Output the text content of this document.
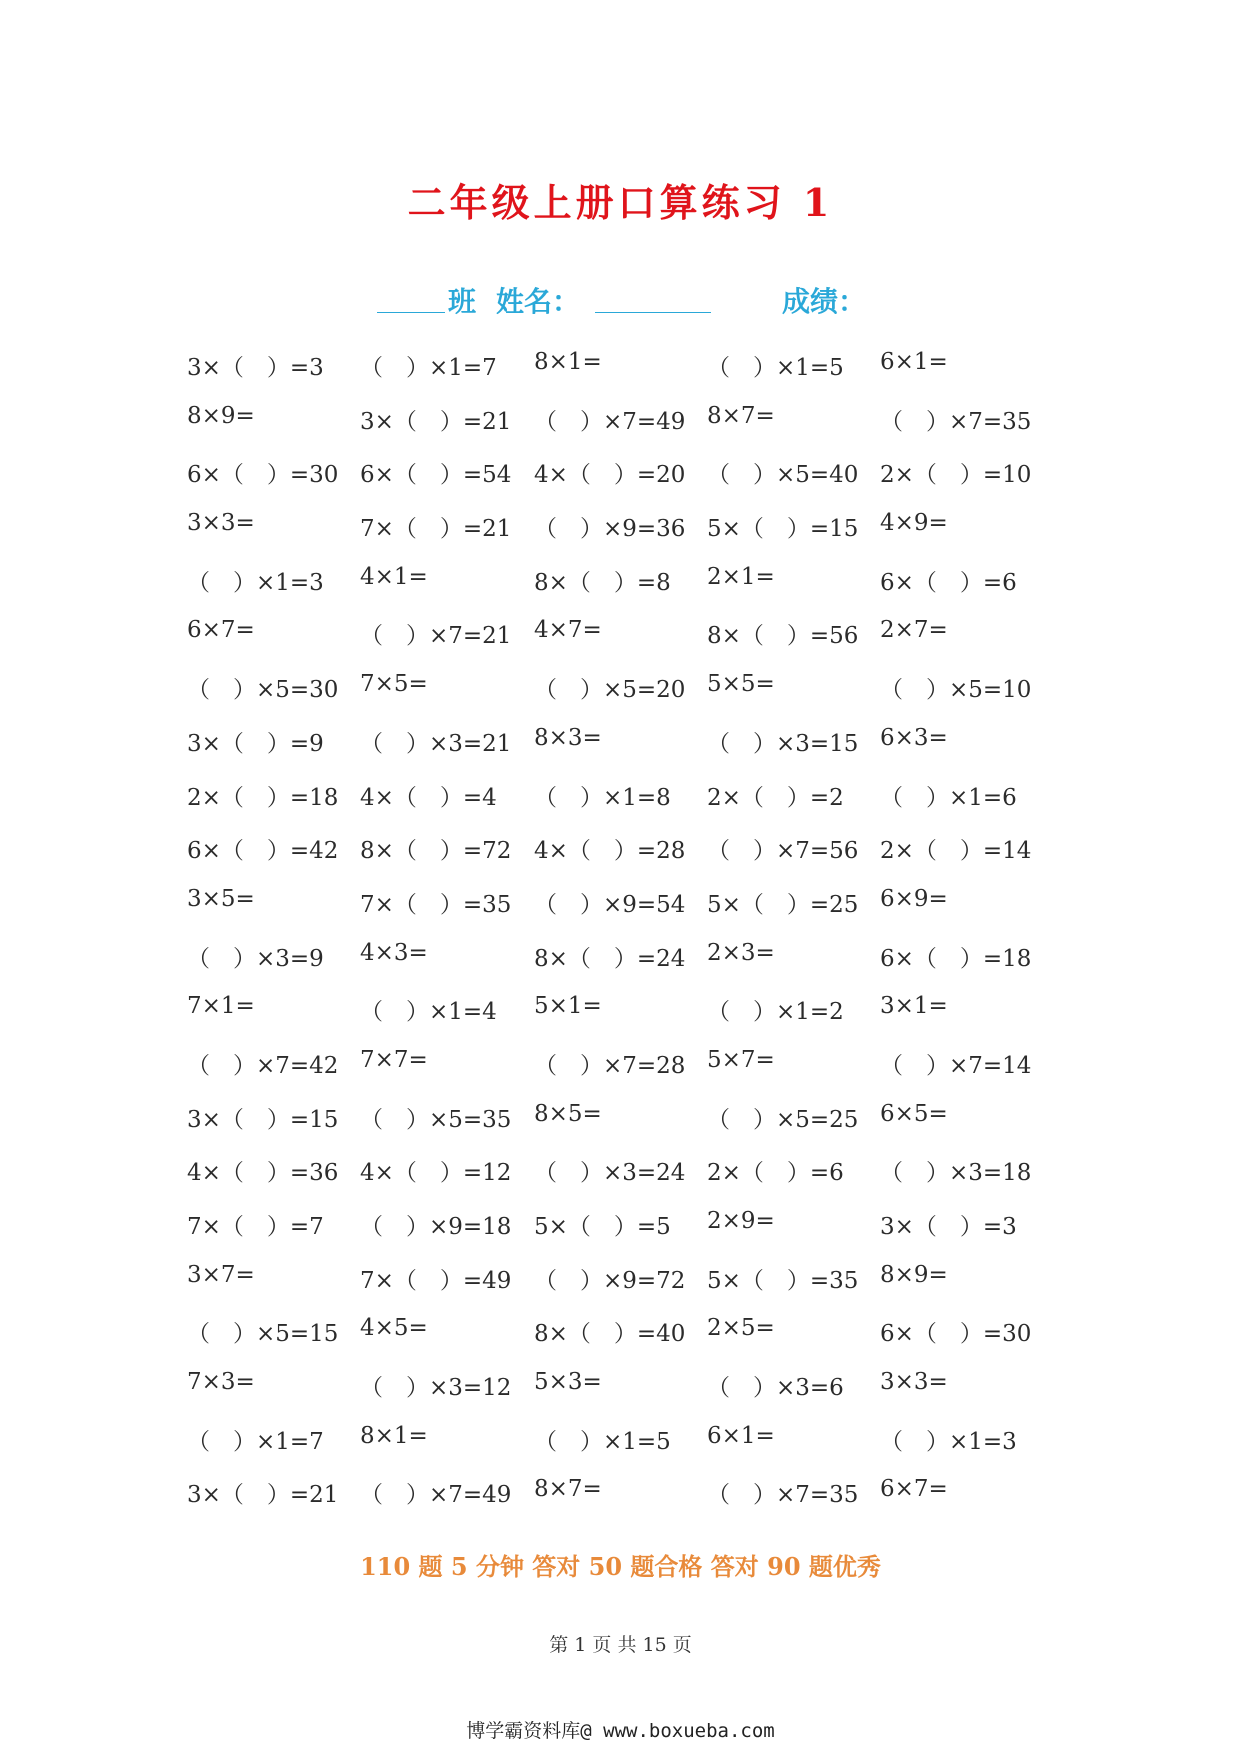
二年级上册口算练习 1
班 姓名：	成绩：
3×（　）=3 （　）×1=7 8×1=	（　）×1=5 6×1=
8×9=	3×（　）=21 （　）×7=49 8×7=	（　）×7=35
6×（　）=30 6×（　）=54 4×（　）=20 （　）×5=40 2×（　）=10
3×3=	7×（　）=21 （　）×9=36 5×（　）=15 4×9=
（　）×1=3 4×1=	8×（　）=8 2×1=	6×（　）=6
6×7=	（　）×7=21 4×7=	8×（　）=56 2×7=
（　）×5=30 7×5=	（　）×5=20 5×5=	（　）×5=10
3×（　）=9 （　）×3=21 8×3=	（　）×3=15 6×3=
2×（　）=18 4×（　）=4 （　）×1=8 2×（　）=2 （　）×1=6
6×（　）=42 8×（　）=72 4×（　）=28 （　）×7=56 2×（　）=14
3×5=	7×（　）=35 （　）×9=54 5×（　）=25 6×9=
（　）×3=9 4×3=	8×（　）=24 2×3=	6×（　）=18
7×1=	（　）×1=4 5×1=	（　）×1=2 3×1=
（　）×7=42 7×7=	（　）×7=28 5×7=	（　）×7=14
3×（　）=15 （　）×5=35 8×5=	（　）×5=25 6×5=
4×（　）=36 4×（　）=12 （　）×3=24 2×（　）=6 （　）×3=18
7×（　）=7 （　）×9=18 5×（　）=5 2×9=	3×（　）=3
3×7=	7×（　）=49 （　）×9=72 5×（　）=35 8×9=
（　）×5=15 4×5=	8×（　）=40 2×5=	6×（　）=30
7×3=	（　）×3=12 5×3=	（　）×3=6 3×3=
（　）×1=7 8×1=	（　）×1=5 6×1=	（　）×1=3
3×（　）=21 （　）×7=49 8×7=	（　）×7=35 6×7=
110 题 5 分钟 答对 50 题合格 答对 90 题优秀
第 1 页 共 15 页
博学霸资料库@ www.boxueba.com
